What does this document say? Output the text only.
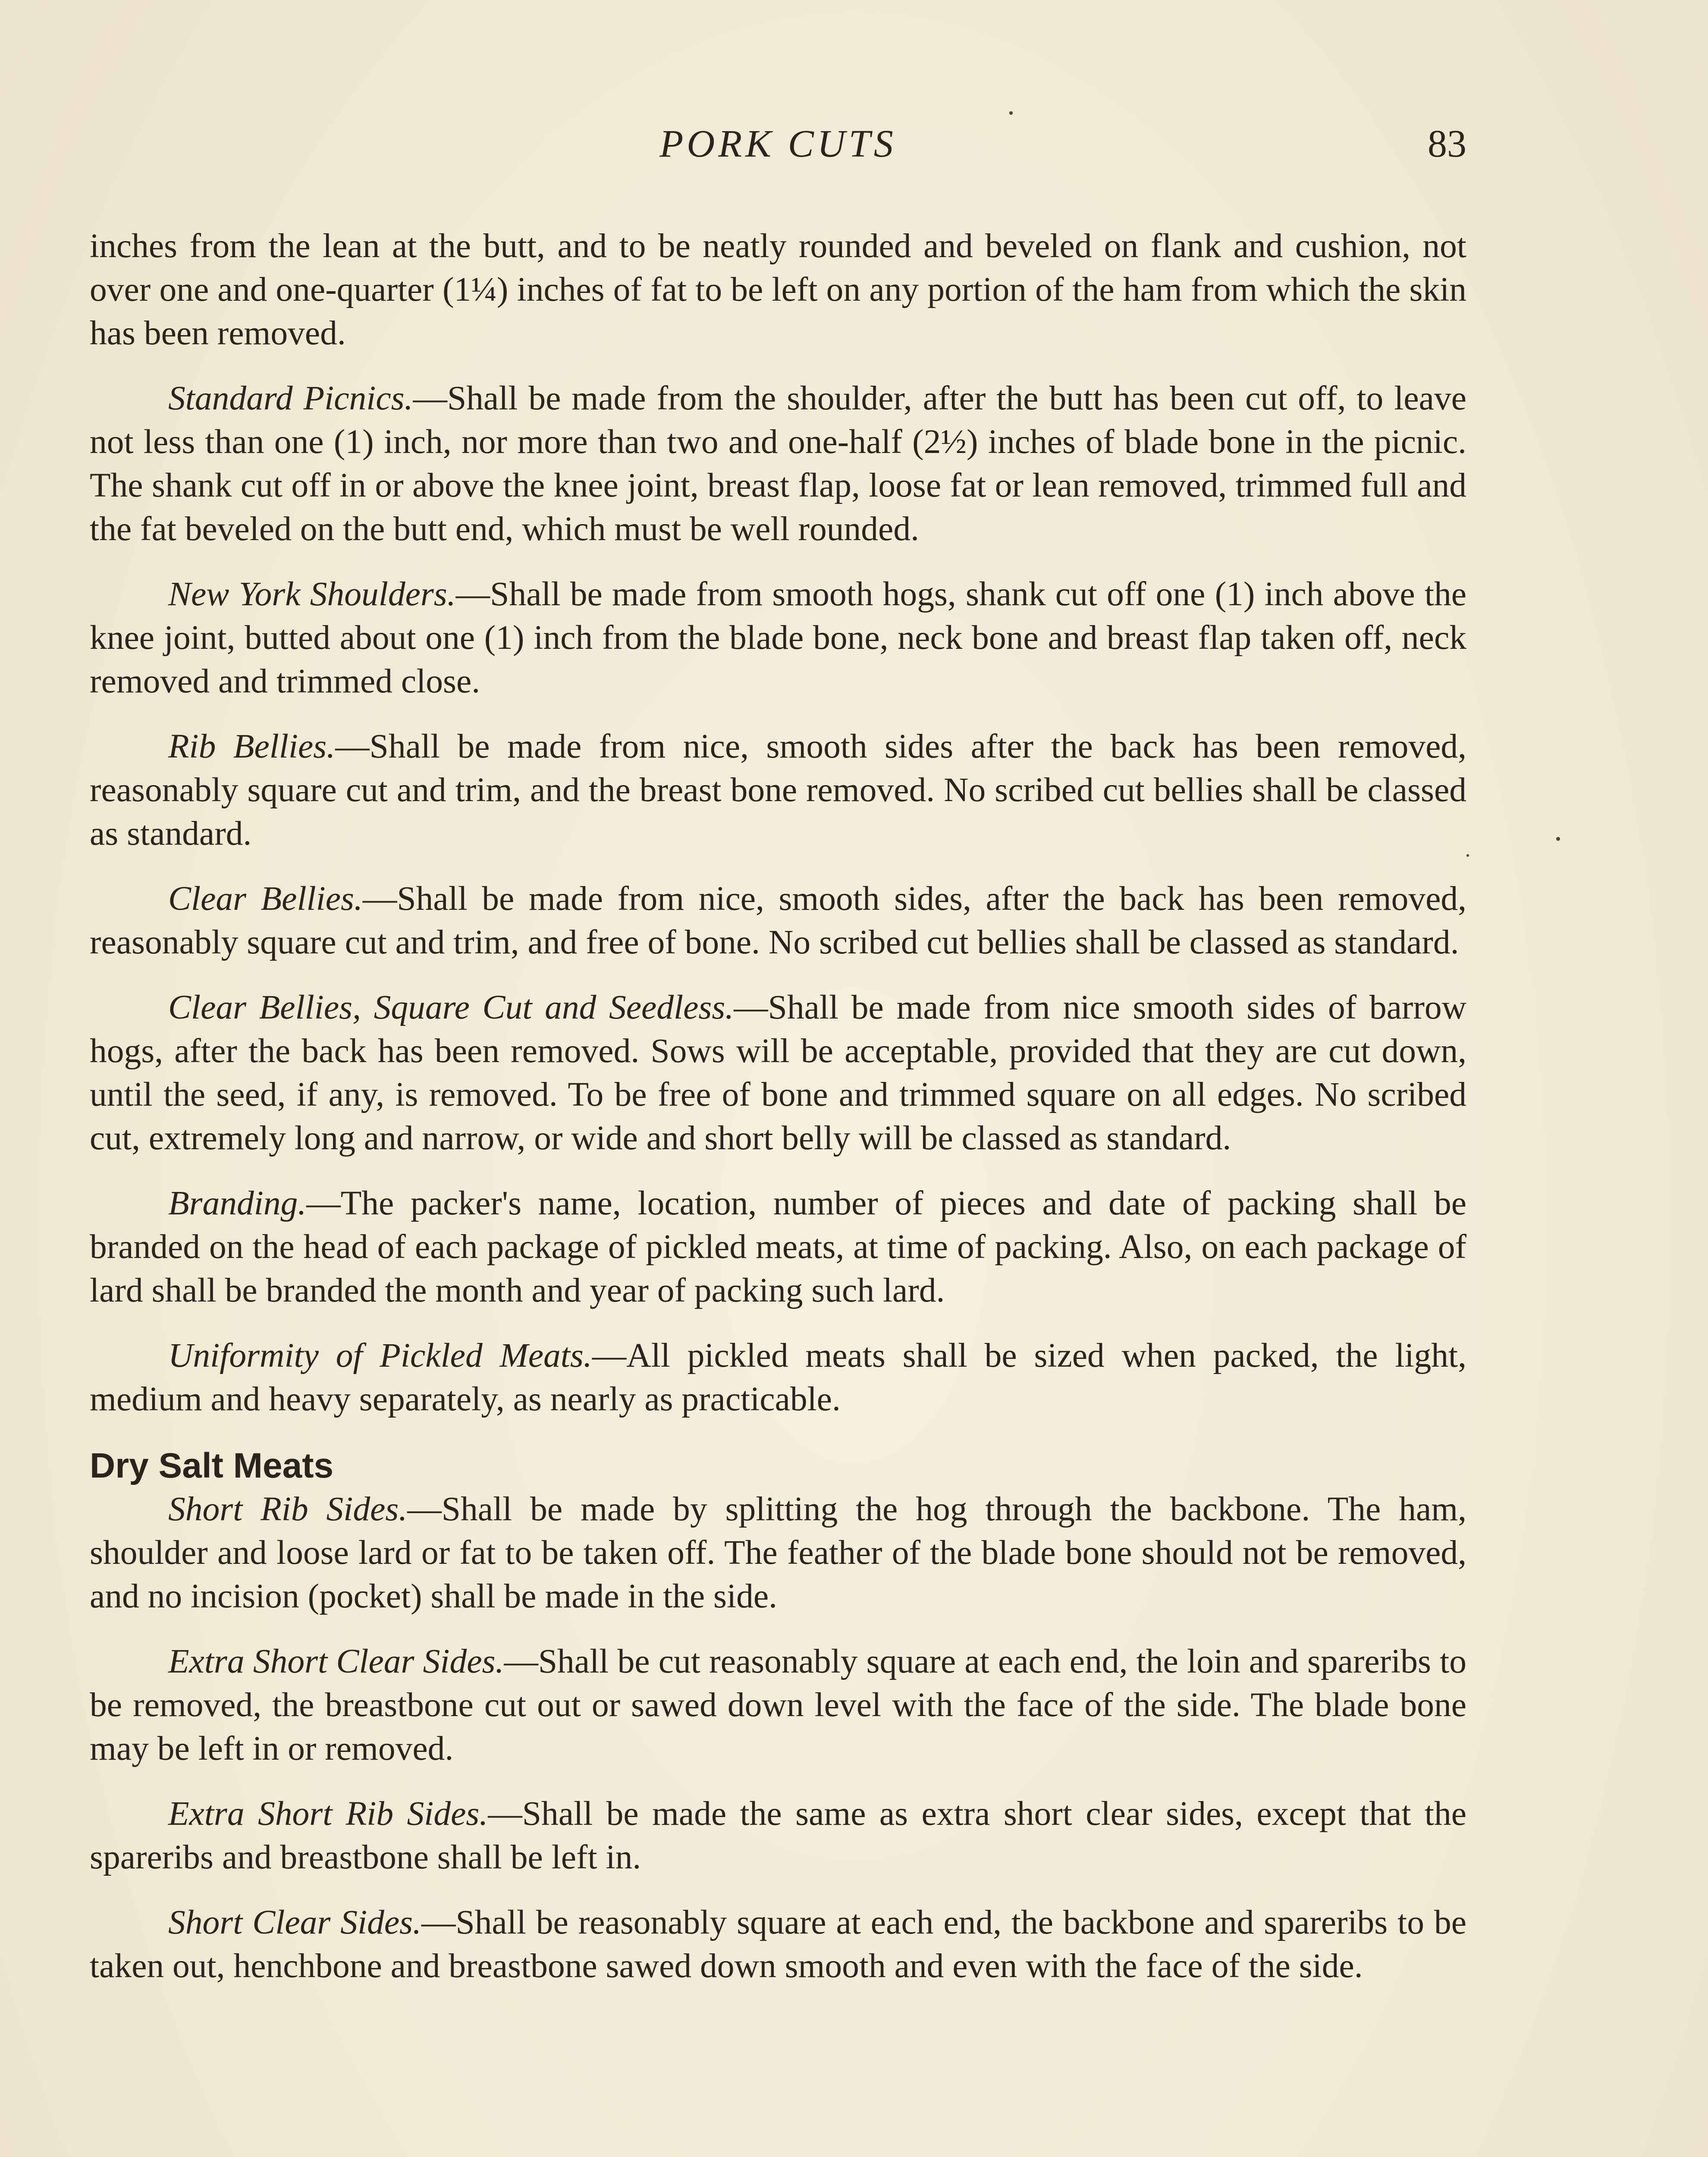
PORK CUTS	83

inches from the lean at the butt, and to be neatly rounded and beveled on flank and cushion, not over one and one-quarter (1¼) inches of fat to be left on any portion of the ham from which the skin has been removed.

Standard Picnics.—Shall be made from the shoulder, after the butt has been cut off, to leave not less than one (1) inch, nor more than two and one-half (2½) inches of blade bone in the picnic. The shank cut off in or above the knee joint, breast flap, loose fat or lean removed, trimmed full and the fat beveled on the butt end, which must be well rounded.

New York Shoulders.—Shall be made from smooth hogs, shank cut off one (1) inch above the knee joint, butted about one (1) inch from the blade bone, neck bone and breast flap taken off, neck removed and trimmed close.

Rib Bellies.—Shall be made from nice, smooth sides after the back has been removed, reasonably square cut and trim, and the breast bone removed. No scribed cut bellies shall be classed as standard.

Clear Bellies.—Shall be made from nice, smooth sides, after the back has been removed, reasonably square cut and trim, and free of bone. No scribed cut bellies shall be classed as standard.

Clear Bellies, Square Cut and Seedless.—Shall be made from nice smooth sides of barrow hogs, after the back has been removed. Sows will be acceptable, provided that they are cut down, until the seed, if any, is removed. To be free of bone and trimmed square on all edges. No scribed cut, extremely long and narrow, or wide and short belly will be classed as standard.

Branding.—The packer's name, location, number of pieces and date of packing shall be branded on the head of each package of pickled meats, at time of packing. Also, on each package of lard shall be branded the month and year of packing such lard.

Uniformity of Pickled Meats.—All pickled meats shall be sized when packed, the light, medium and heavy separately, as nearly as practicable.

Dry Salt Meats

Short Rib Sides.—Shall be made by splitting the hog through the backbone. The ham, shoulder and loose lard or fat to be taken off. The feather of the blade bone should not be removed, and no incision (pocket) shall be made in the side.

Extra Short Clear Sides.—Shall be cut reasonably square at each end, the loin and spareribs to be removed, the breastbone cut out or sawed down level with the face of the side. The blade bone may be left in or removed.

Extra Short Rib Sides.—Shall be made the same as extra short clear sides, except that the spareribs and breastbone shall be left in.

Short Clear Sides.—Shall be reasonably square at each end, the backbone and spareribs to be taken out, henchbone and breastbone sawed down smooth and even with the face of the side.
